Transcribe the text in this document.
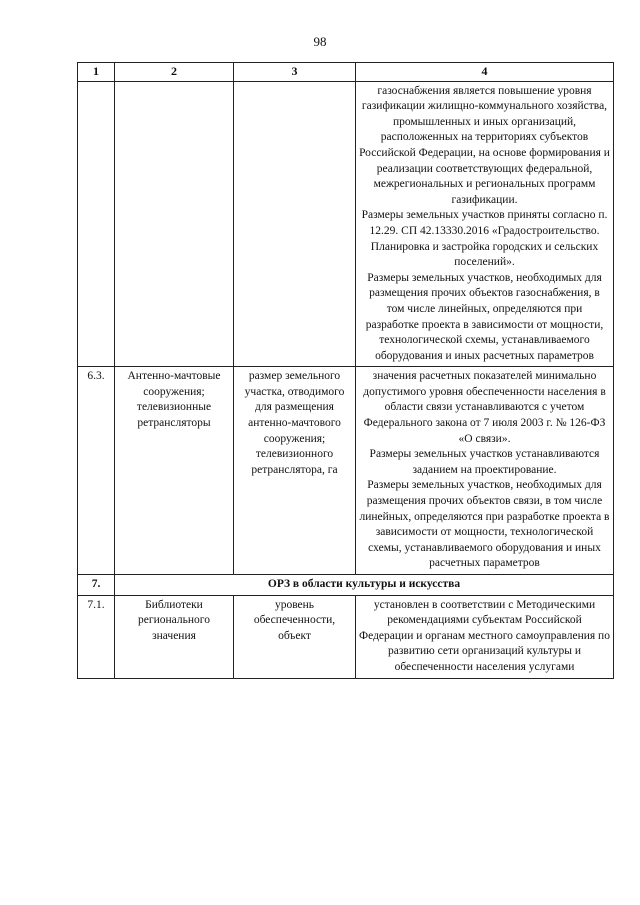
98
1	2	3	4

			газоснабжения является повышение уровня газификации жилищно-коммунального хозяйства, промышленных и иных организаций, расположенных на территориях субъектов Российской Федерации, на основе формирования и реализации соответствующих федеральной, межрегиональных и региональных программ газификации.
Размеры земельных участков приняты согласно п. 12.29. СП 42.13330.2016 «Градостроительство. Планировка и застройка городских и сельских поселений».
Размеры земельных участков, необходимых для размещения прочих объектов газоснабжения, в том числе линейных, определяются при разработке проекта в зависимости от мощности, технологической схемы, устанавливаемого оборудования и иных расчетных параметров

6.3.	Антенно-мачтовые сооружения; телевизионные ретрансляторы	размер земельного участка, отводимого для размещения антенно-мачтового сооружения; телевизионного ретранслятора, га	значения расчетных показателей минимально допустимого уровня обеспеченности населения в области связи устанавливаются с учетом Федерального закона от 7 июля 2003 г. № 126-ФЗ «О связи».
Размеры земельных участков устанавливаются заданием на проектирование.
Размеры земельных участков, необходимых для размещения прочих объектов связи, в том числе линейных, определяются при разработке проекта в зависимости от мощности, технологической схемы, устанавливаемого оборудования и иных расчетных параметров

7.	ОРЗ в области культуры и искусства		
7.1.	Библиотеки регионального значения	уровень обеспеченности, объект	установлен в соответствии с Методическими рекомендациями субъектам Российской Федерации и органам местного самоуправления по развитию сети организаций культуры и обеспеченности населения услугами
